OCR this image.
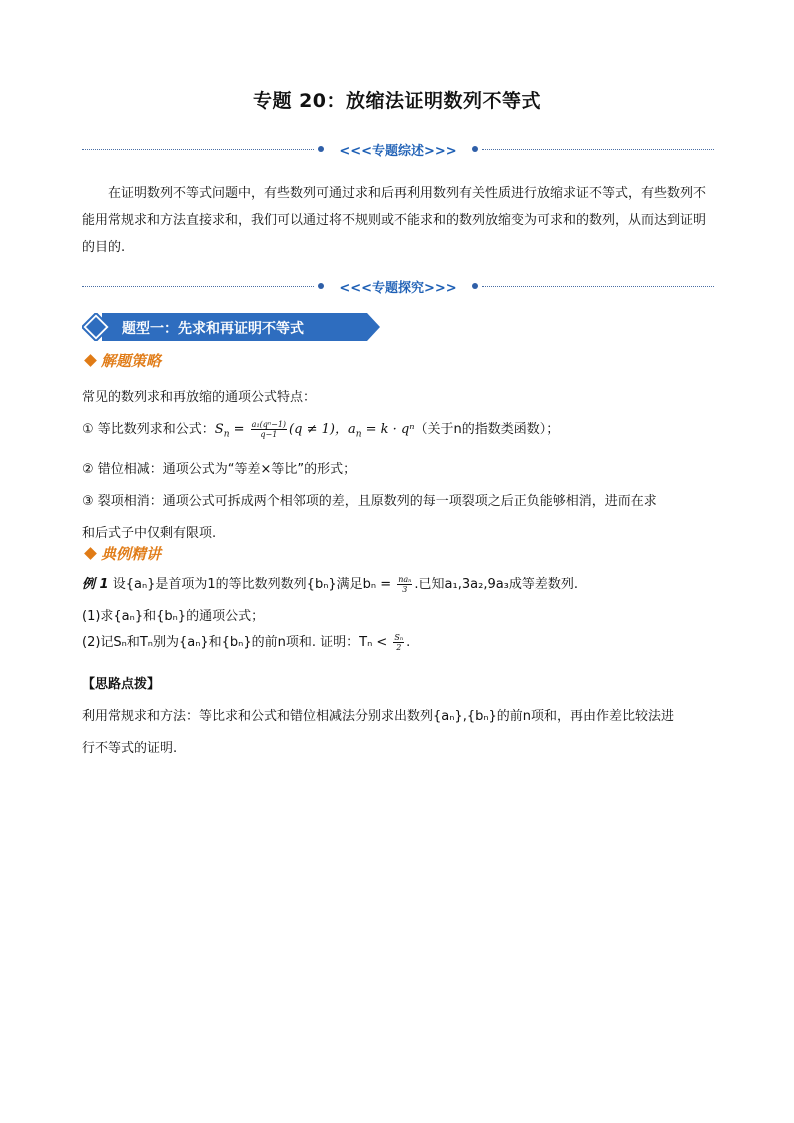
专题 20：放缩法证明数列不等式
<<<专题综述>>>
在证明数列不等式问题中，有些数列可通过求和后再利用数列有关性质进行放缩求证不等式，有些数列不能用常规求和方法直接求和，我们可以通过将不规则或不能求和的数列放缩变为可求和的数列，从而达到证明的目的.
<<<专题探究>>>
题型一：先求和再证明不等式
解题策略
常见的数列求和再放缩的通项公式特点：
① 等比数列求和公式：$S_n = \frac{\text{a₁(qⁿ−1)}}{q-1} (q \ne 1)$，$a_n = k \cdot q^n$（关于n的指数类函数）；
② 错位相减：通项公式为“等差×等比”的形式；
③ 裂项相消：通项公式可拆成两个相邻项的差，且原数列的每一项裂项之后正负能够相消，进而在求
和后式子中仅剩有限项.
典例精讲
例 1 设{aₙ}是首项为1的等比数列数列{bₙ}满足$b_n = \frac{\text{naₙ}}{3}$ .已知a₁,3a₂,9a₃成等差数列.
(1)求{aₙ}和{bₙ}的通项公式；
(2)记Sₙ和Tₙ别为{aₙ}和{bₙ}的前n项和. 证明：$T_n < \frac{\text{Sₙ}}{2}$ .
【思路点拨】
利用常规求和方法：等比求和公式和错位相减法分别求出数列{aₙ},{bₙ}的前n项和，再由作差比较法进
行不等式的证明.
